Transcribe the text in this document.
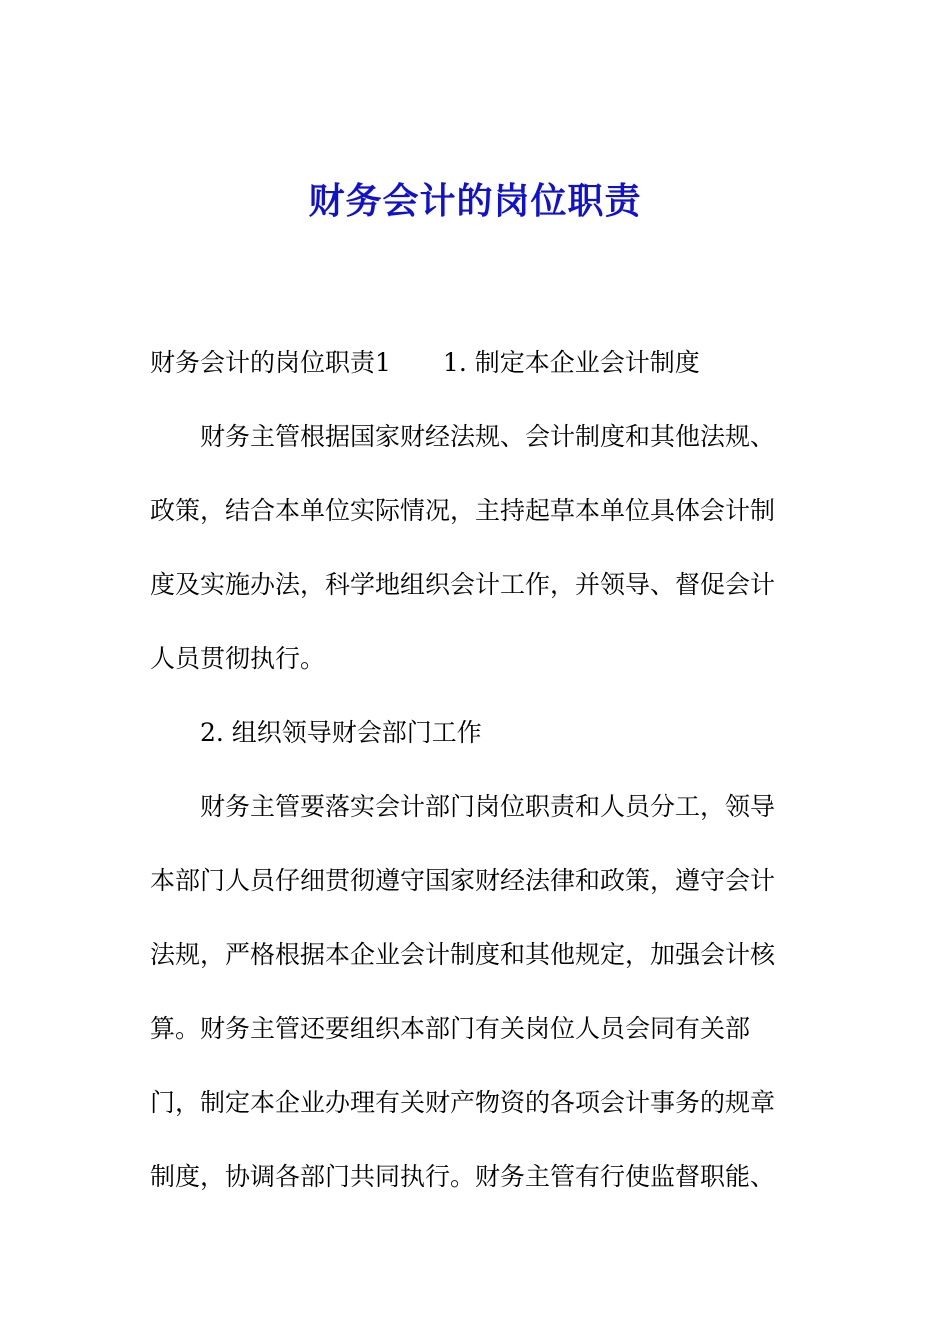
财务会计的岗位职责
财务会计的岗位职责1 1. 制定本企业会计制度
财务主管根据国家财经法规、会计制度和其他法规、
政策，结合本单位实际情况，主持起草本单位具体会计制
度及实施办法，科学地组织会计工作，并领导、督促会计
人员贯彻执行。
2. 组织领导财会部门工作
财务主管要落实会计部门岗位职责和人员分工，领导
本部门人员仔细贯彻遵守国家财经法律和政策，遵守会计
法规，严格根据本企业会计制度和其他规定，加强会计核
算。财务主管还要组织本部门有关岗位人员会同有关部
门，制定本企业办理有关财产物资的各项会计事务的规章
制度，协调各部门共同执行。财务主管有行使监督职能、
